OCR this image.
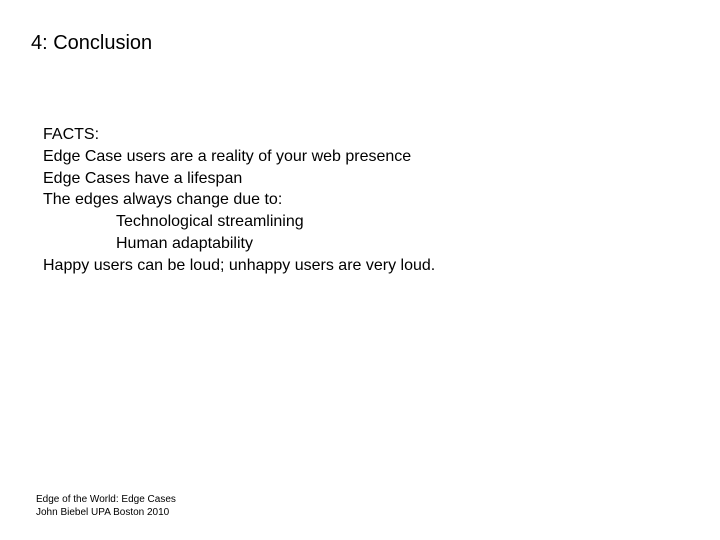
4: Conclusion
FACTS:
Edge Case users are a reality of your web presence
Edge Cases have a lifespan
The edges always change due to:
Technological streamlining
Human adaptability
Happy users can be loud; unhappy users are very loud.
Edge of the World: Edge Cases
John Biebel UPA Boston 2010
